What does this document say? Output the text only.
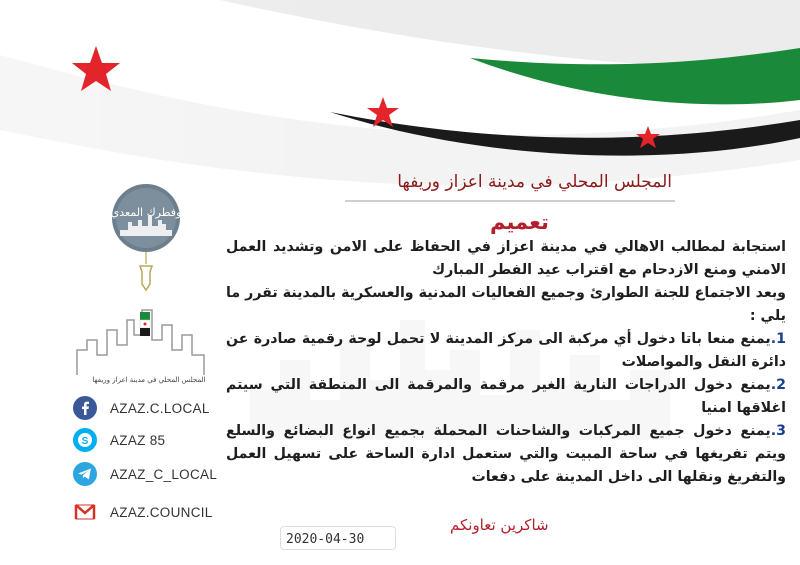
المجلس المحلي في مدينة اعزاز وريفها
تعميم

استجابة لمطالب الاهالي في مدينة اعزاز في الحفاظ على الامن وتشديد العمل الامني ومنع الازدحام مع اقتراب عيد الفطر المبارك

وبعد الاجتماع للجنة الطوارئ وجميع الفعاليات المدنية والعسكرية بالمدينة تقرر ما يلي :

1.يمنع منعا باتا دخول أي مركبة الى مركز المدينة لا تحمل لوحة رقمية صادرة عن دائرة النقل والمواصلات

2.يمنع دخول الدراجات النارية الغير مرقمة والمرقمة الى المنطقة التي سيتم اغلاقها امنيا

3.يمنع دخول جميع المركبات والشاحنات المحملة بجميع انواع البضائع والسلع ويتم تفريغها في ساحة المبيت والتي ستعمل ادارة الساحة على تسهيل العمل والتفريغ ونقلها الى داخل المدينة على دفعات

شاكرين تعاونكم
2020-04-30
وفطرك المعدي
المجلس المحلي في مدينة اعزاز وريفها
AZAZ.C.LOCAL
S AZAZ 85
AZAZ_C_LOCAL
AZAZ.COUNCIL
